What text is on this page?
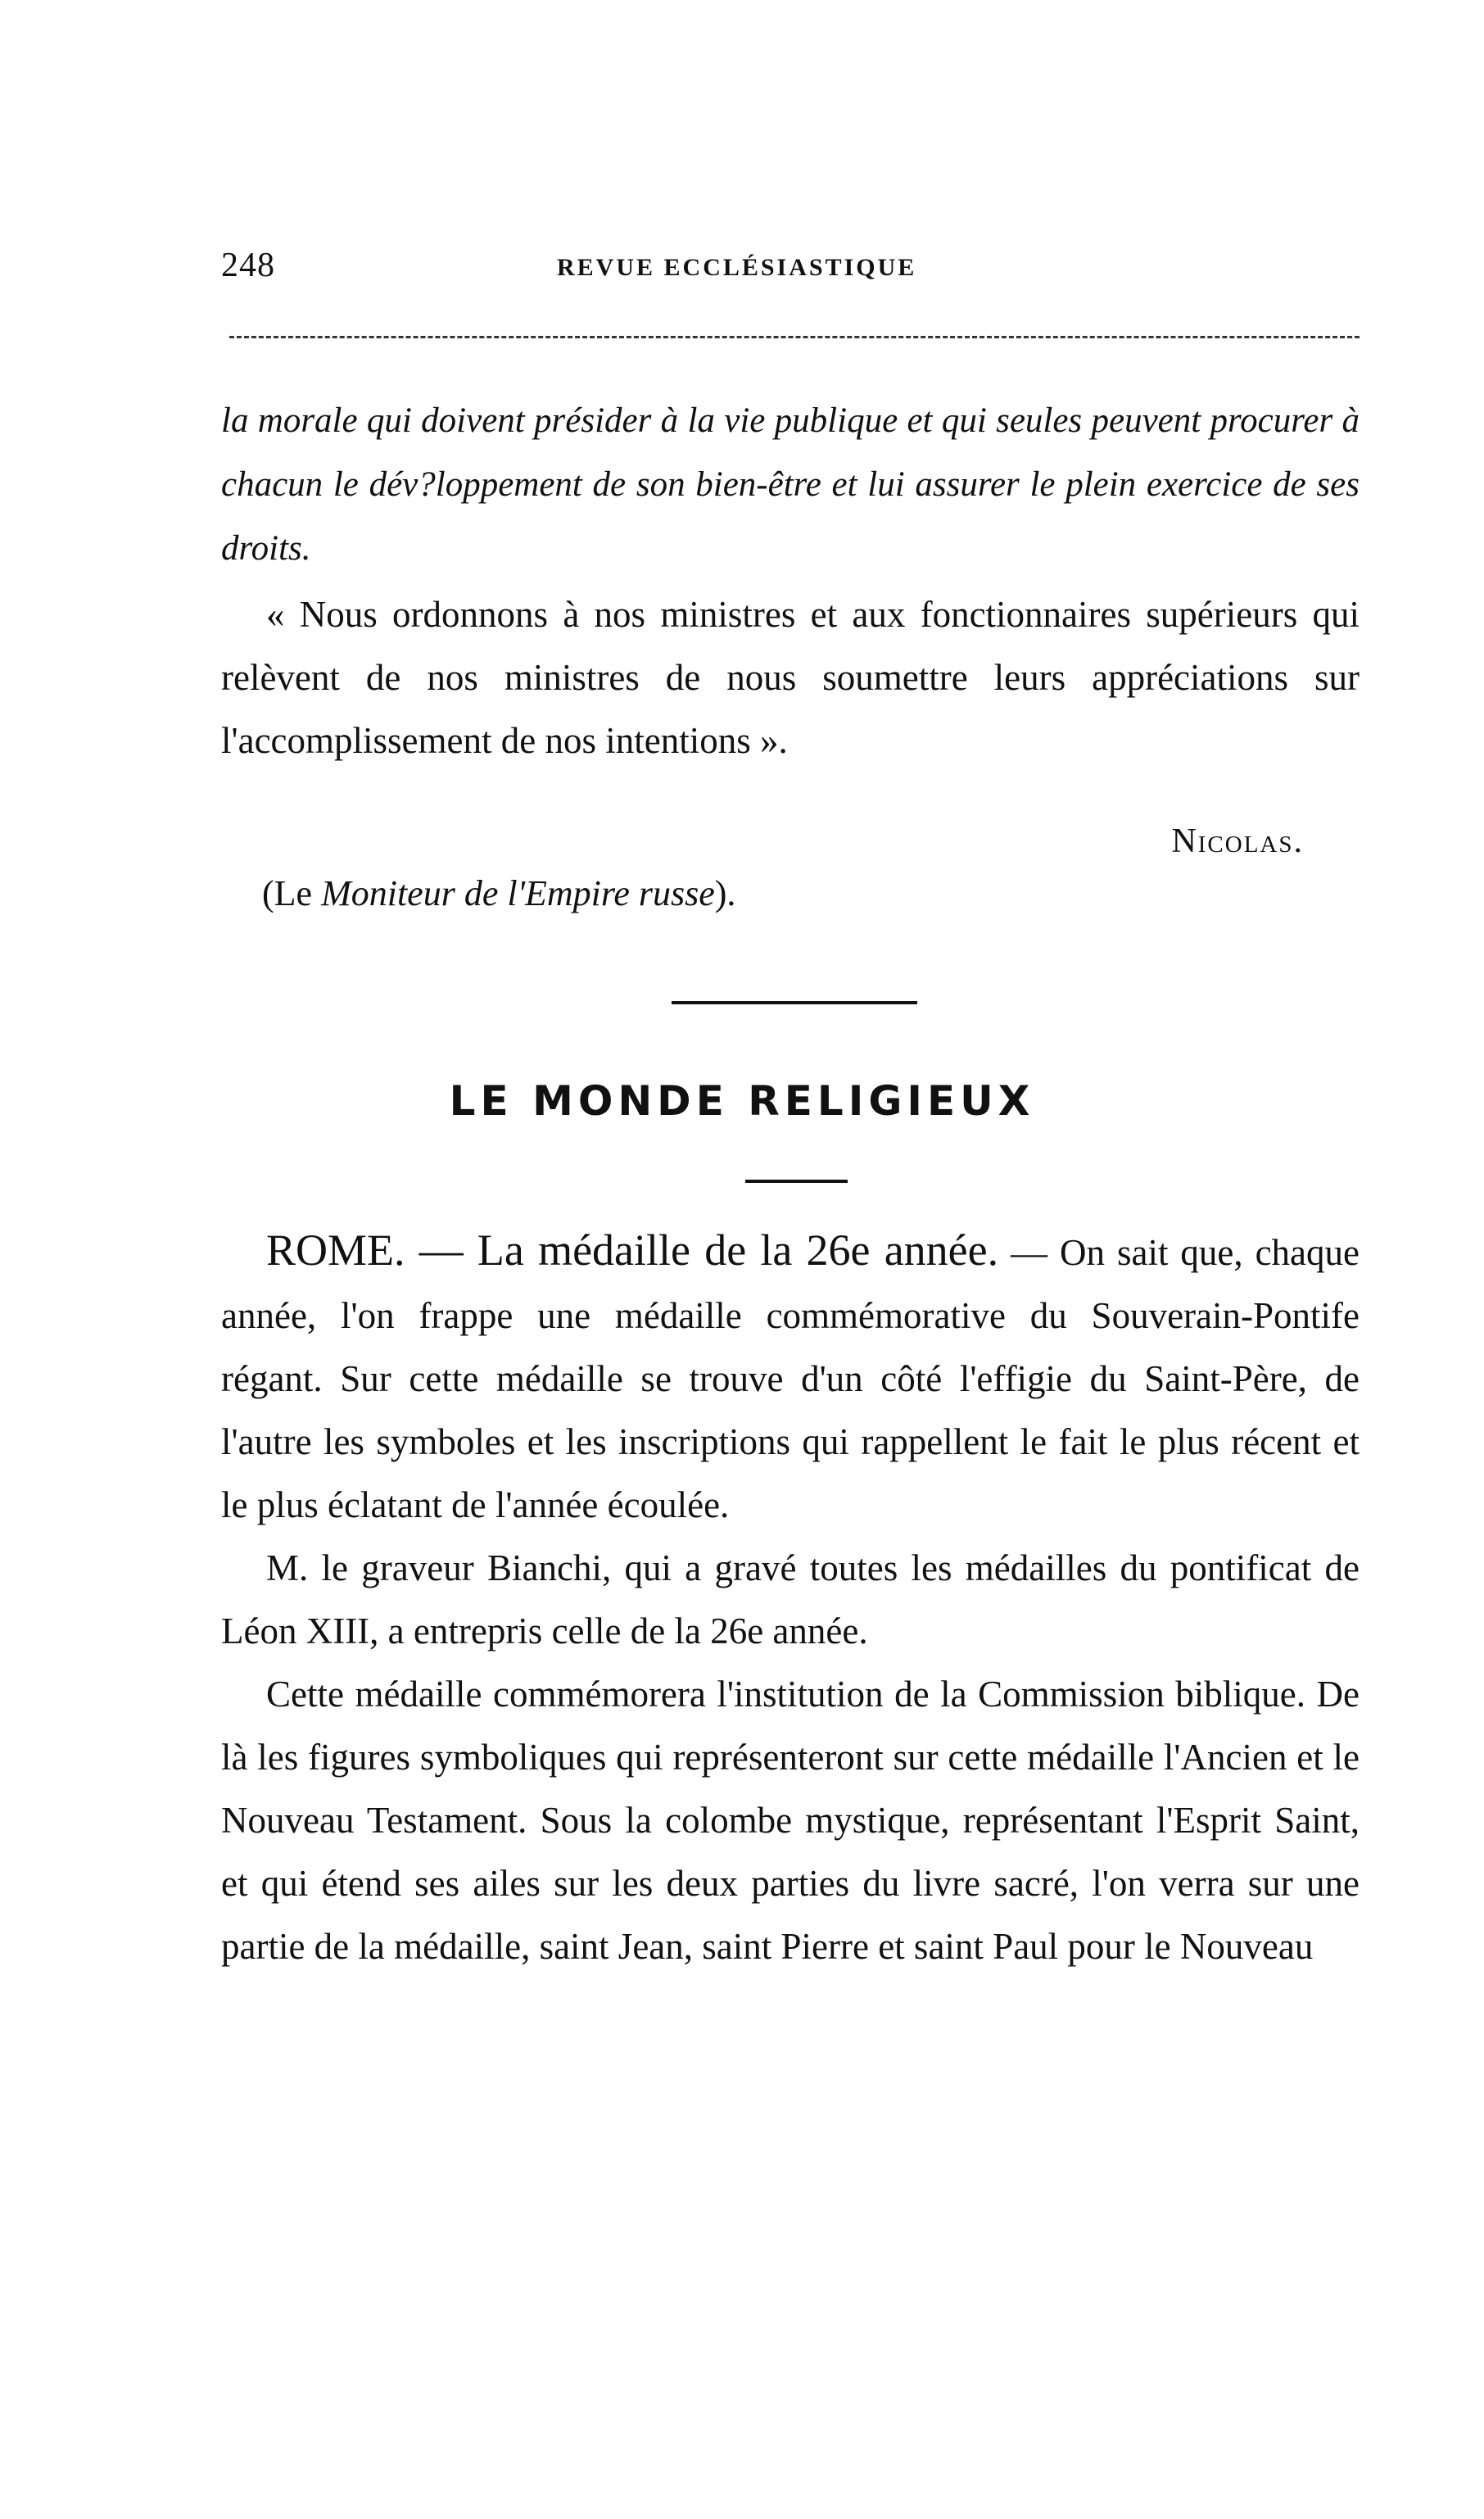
248	REVUE ECCLÉSIASTIQUE
la morale qui doivent présider à la vie publique et qui seules peuvent procurer à chacun le dév?loppement de son bien-être et lui assurer le plein exercice de ses droits.
« Nous ordonnons à nos ministres et aux fonctionnaires supérieurs qui relèvent de nos ministres de nous soumettre leurs appréciations sur l'accomplissement de nos intentions ».
Nicolas.
(Le Moniteur de l'Empire russe).
LE MONDE RELIGIEUX

ROME. — La médaille de la 26e année. — On sait que, chaque année, l'on frappe une médaille commémorative du Souverain-Pontife régant. Sur cette médaille se trouve d'un côté l'effigie du Saint-Père, de l'autre les symboles et les inscriptions qui rappellent le fait le plus récent et le plus éclatant de l'année écoulée.

M. le graveur Bianchi, qui a gravé toutes les médailles du pontificat de Léon XIII, a entrepris celle de la 26e année.

Cette médaille commémorera l'institution de la Commission biblique. De là les figures symboliques qui représenteront sur cette médaille l'Ancien et le Nouveau Testament. Sous la colombe mystique, représentant l'Esprit Saint, et qui étend ses ailes sur les deux parties du livre sacré, l'on verra sur une partie de la médaille, saint Jean, saint Pierre et saint Paul pour le Nouveau
